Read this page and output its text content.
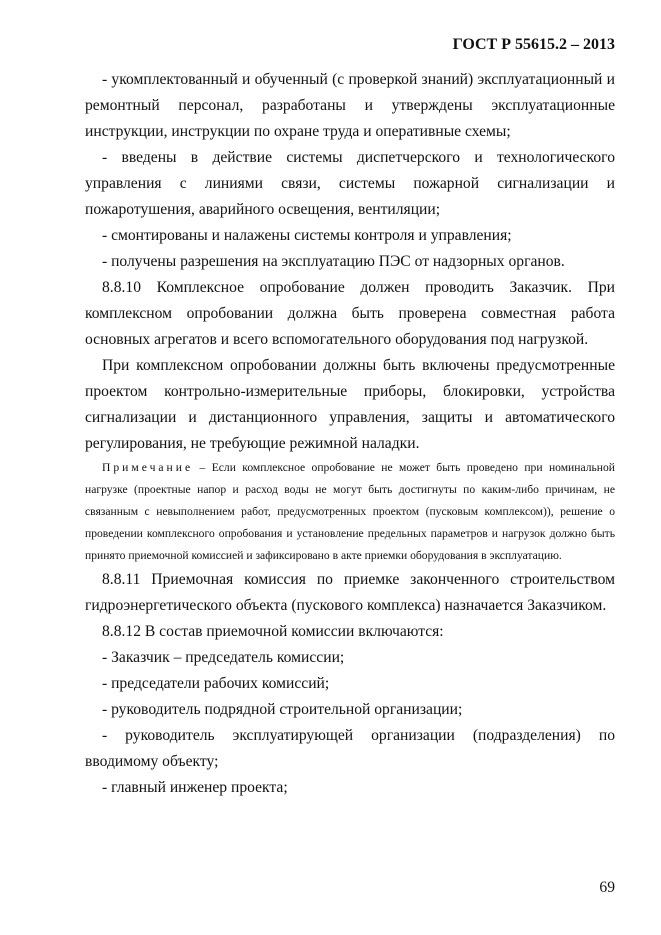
ГОСТ Р 55615.2 – 2013

- укомплектованный и обученный (с проверкой знаний) эксплуатационный и ремонтный персонал, разработаны и утверждены эксплуатационные инструкции, инструкции по охране труда и оперативные схемы;

- введены в действие системы диспетчерского и технологического управления с линиями связи, системы пожарной сигнализации и пожаротушения, аварийного освещения, вентиляции;

- смонтированы и налажены системы контроля и управления;

- получены разрешения на эксплуатацию ПЭС от надзорных органов.

8.8.10 Комплексное опробование должен проводить Заказчик. При комплексном опробовании должна быть проверена совместная работа основных агрегатов и всего вспомогательного оборудования под нагрузкой.

При комплексном опробовании должны быть включены предусмотренные проектом контрольно-измерительные приборы, блокировки, устройства сигнализации и дистанционного управления, защиты и автоматического регулирования, не требующие режимной наладки.

Примечание – Если комплексное опробование не может быть проведено при номинальной нагрузке (проектные напор и расход воды не могут быть достигнуты по каким-либо причинам, не связанным с невыполнением работ, предусмотренных проектом (пусковым комплексом)), решение о проведении комплексного опробования и установление предельных параметров и нагрузок должно быть принято приемочной комиссией и зафиксировано в акте приемки оборудования в эксплуатацию.

8.8.11 Приемочная комиссия по приемке законченного строительством гидроэнергетического объекта (пускового комплекса) назначается Заказчиком.

8.8.12 В состав приемочной комиссии включаются:

- Заказчик – председатель комиссии;

- председатели рабочих комиссий;

- руководитель подрядной строительной организации;

- руководитель эксплуатирующей организации (подразделения) по вводимому объекту;

- главный инженер проекта;

69
